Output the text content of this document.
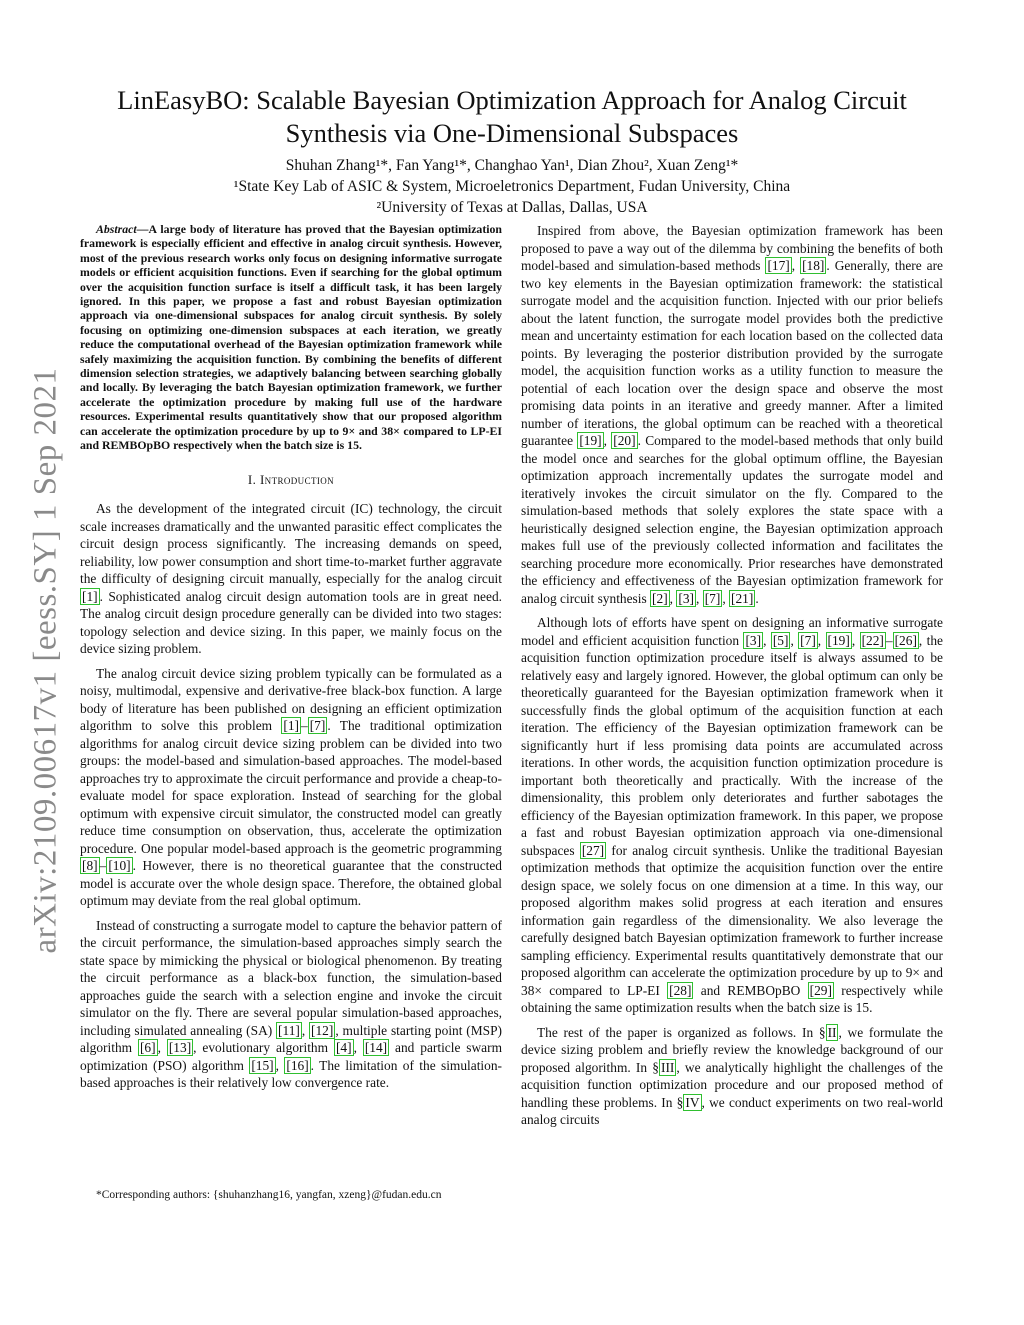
arXiv:2109.00617v1 [eess.SY] 1 Sep 2021
LinEasyBO: Scalable Bayesian Optimization Approach for Analog Circuit Synthesis via One-Dimensional Subspaces

Shuhan Zhang¹*, Fan Yang¹*, Changhao Yan¹, Dian Zhou², Xuan Zeng¹*

¹State Key Lab of ASIC & System, Microeletronics Department, Fudan University, China

²University of Texas at Dallas, Dallas, USA

Abstract—A large body of literature has proved that the Bayesian optimization framework is especially efficient and effective in analog circuit synthesis. However, most of the previous research works only focus on designing informative surrogate models or efficient acquisition functions. Even if searching for the global optimum over the acquisition function surface is itself a difficult task, it has been largely ignored. In this paper, we propose a fast and robust Bayesian optimization approach via one-dimensional subspaces for analog circuit synthesis. By solely focusing on optimizing one-dimension subspaces at each iteration, we greatly reduce the computational overhead of the Bayesian optimization framework while safely maximizing the acquisition function. By combining the benefits of different dimension selection strategies, we adaptively balancing between searching globally and locally. By leveraging the batch Bayesian optimization framework, we further accelerate the optimization procedure by making full use of the hardware resources. Experimental results quantitatively show that our proposed algorithm can accelerate the optimization procedure by up to 9× and 38× compared to LP-EI and REMBOpBO respectively when the batch size is 15.

I. Introduction

As the development of the integrated circuit (IC) technology, the circuit scale increases dramatically and the unwanted parasitic effect complicates the circuit design process significantly. The increasing demands on speed, reliability, low power consumption and short time-to-market further aggravate the difficulty of designing circuit manually, especially for the analog circuit [1] . Sophisticated analog circuit design automation tools are in great need. The analog circuit design procedure generally can be divided into two stages: topology selection and device sizing. In this paper, we mainly focus on the device sizing problem.

The analog circuit device sizing problem typically can be formulated as a noisy, multimodal, expensive and derivative-free black-box function. A large body of literature has been published on designing an efficient optimization algorithm to solve this problem [1] – [7] . The traditional optimization algorithms for analog circuit device sizing problem can be divided into two groups: the model-based and simulation-based approaches. The model-based approaches try to approximate the circuit performance and provide a cheap-to-evaluate model for space exploration. Instead of searching for the global optimum with expensive circuit simulator, the constructed model can greatly reduce time consumption on observation, thus, accelerate the optimization procedure. One popular model-based approach is the geometric programming [8] – [10] . However, there is no theoretical guarantee that the constructed model is accurate over the whole design space. Therefore, the obtained global optimum may deviate from the real global optimum.

Instead of constructing a surrogate model to capture the behavior pattern of the circuit performance, the simulation-based approaches simply search the state space by mimicking the physical or biological phenomenon. By treating the circuit performance as a black-box function, the simulation-based approaches guide the search with a selection engine and invoke the circuit simulator on the fly. There are several popular simulation-based approaches, including simulated annealing (SA) [11] , [12] , multiple starting point (MSP) algorithm [6] , [13] , evolutionary algorithm [4] , [14] and particle swarm optimization (PSO) algorithm [15] , [16] . The limitation of the simulation-based approaches is their relatively low convergence rate.

*Corresponding authors: {shuhanzhang16, yangfan, xzeng}@fudan.edu.cn

Inspired from above, the Bayesian optimization framework has been proposed to pave a way out of the dilemma by combining the benefits of both model-based and simulation-based methods [17] , [18] . Generally, there are two key elements in the Bayesian optimization framework: the statistical surrogate model and the acquisition function. Injected with our prior beliefs about the latent function, the surrogate model provides both the predictive mean and uncertainty estimation for each location based on the collected data points. By leveraging the posterior distribution provided by the surrogate model, the acquisition function works as a utility function to measure the potential of each location over the design space and observe the most promising data points in an iterative and greedy manner. After a limited number of iterations, the global optimum can be reached with a theoretical guarantee [19] , [20] . Compared to the model-based methods that only build the model once and searches for the global optimum offline, the Bayesian optimization approach incrementally updates the surrogate model and iteratively invokes the circuit simulator on the fly. Compared to the simulation-based methods that solely explores the state space with a heuristically designed selection engine, the Bayesian optimization approach makes full use of the previously collected information and facilitates the searching procedure more economically. Prior researches have demonstrated the efficiency and effectiveness of the Bayesian optimization framework for analog circuit synthesis [2] , [3] , [7] , [21] .

Although lots of efforts have spent on designing an informative surrogate model and efficient acquisition function [3] , [5] , [7] , [19] , [22] – [26] , the acquisition function optimization procedure itself is always assumed to be relatively easy and largely ignored. However, the global optimum can only be theoretically guaranteed for the Bayesian optimization framework when it successfully finds the global optimum of the acquisition function at each iteration. The efficiency of the Bayesian optimization framework can be significantly hurt if less promising data points are accumulated across iterations. In other words, the acquisition function optimization procedure is important both theoretically and practically. With the increase of the dimensionality, this problem only deteriorates and further sabotages the efficiency of the Bayesian optimization framework. In this paper, we propose a fast and robust Bayesian optimization approach via one-dimensional subspaces [27] for analog circuit synthesis. Unlike the traditional Bayesian optimization methods that optimize the acquisition function over the entire design space, we solely focus on one dimension at a time. In this way, our proposed algorithm makes solid progress at each iteration and ensures information gain regardless of the dimensionality. We also leverage the carefully designed batch Bayesian optimization framework to further increase sampling efficiency. Experimental results quantitatively demonstrate that our proposed algorithm can accelerate the optimization procedure by up to 9× and 38× compared to LP-EI [28] and REMBOpBO [29] respectively while obtaining the same optimization results when the batch size is 15.

The rest of the paper is organized as follows. In § II , we formulate the device sizing problem and briefly review the knowledge background of our proposed algorithm. In § III , we analytically highlight the challenges of the acquisition function optimization procedure and our proposed method of handling these problems. In § IV , we conduct experiments on two real-world analog circuits
